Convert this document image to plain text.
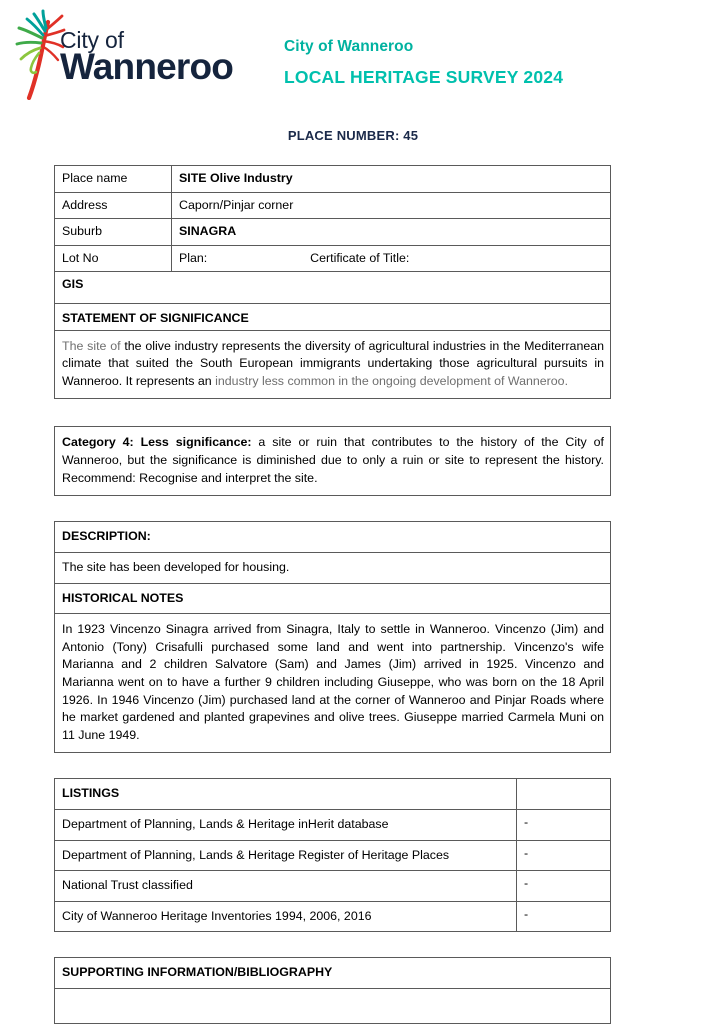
City of
Wanneroo	City of Wanneroo
LOCAL HERITAGE SURVEY 2024
PLACE NUMBER: 45
Place name	SITE Olive Industry
Address	Caporn/Pinjar corner
Suburb	SINAGRA
Lot No	Plan: Certificate of Title:
GIS	
STATEMENT OF SIGNIFICANCE	

The site of the olive industry represents the diversity of agricultural industries in the Mediterranean climate that suited the South European immigrants undertaking those agricultural pursuits in Wanneroo. It represents an industry less common in the ongoing development of Wanneroo.	

Category 4: Less significance: a site or ruin that contributes to the history of the City of Wanneroo, but the significance is diminished due to only a ruin or site to represent the history. Recommend: Recognise and interpret the site.

DESCRIPTION:
The site has been developed for housing.
HISTORICAL NOTES
In 1923 Vincenzo Sinagra arrived from Sinagra, Italy to settle in Wanneroo. Vincenzo (Jim) and Antonio (Tony) Crisafulli purchased some land and went into partnership. Vincenzo's wife Marianna and 2 children Salvatore (Sam) and James (Jim) arrived in 1925. Vincenzo and Marianna went on to have a further 9 children including Giuseppe, who was born on the 18 April 1926. In 1946 Vincenzo (Jim) purchased land at the corner of Wanneroo and Pinjar Roads where he market gardened and planted grapevines and olive trees. Giuseppe married Carmela Muni on 11 June 1949.
LISTINGS	
Department of Planning, Lands & Heritage inHerit database	-
Department of Planning, Lands & Heritage Register of Heritage Places	-
National Trust classified	-
City of Wanneroo Heritage Inventories 1994, 2006, 2016	-
SUPPORTING INFORMATION/BIBLIOGRAPHY
